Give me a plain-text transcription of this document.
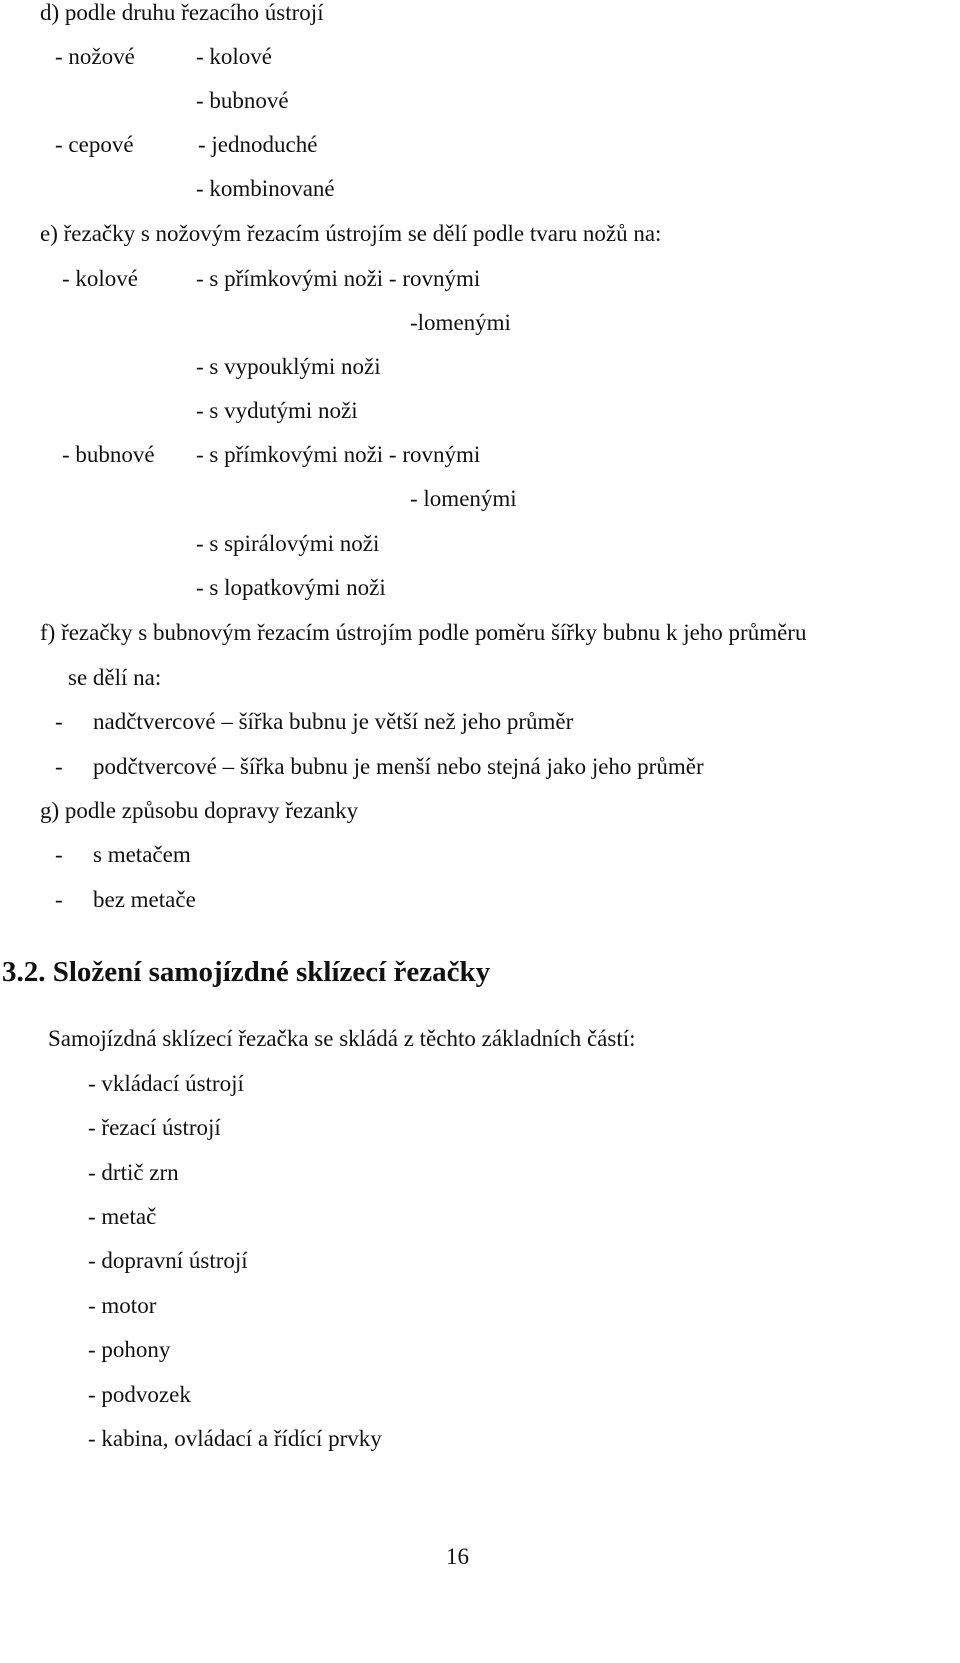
d) podle druhu řezacího ústrojí
- nožové	- kolové
- bubnové
- cepové	- jednoduché
- kombinované
e) řezačky s nožovým řezacím ústrojím se dělí podle tvaru nožů na:
- kolové	- s přímkovými noži - rovnými
-lomenými
- s vypouklými noži
- s vydutými noži
- bubnové - s přímkovými noži - rovnými
- lomenými
- s spirálovými noži
- s lopatkovými noži
f) řezačky s bubnovým řezacím ústrojím podle poměru šířky bubnu k jeho průměru
se dělí na:
- nadčtvercové – šířka bubnu je větší než jeho průměr
- podčtvercové – šířka bubnu je menší nebo stejná jako jeho průměr
g) podle způsobu dopravy řezanky
- s metačem
- bez metače
3.2. Složení samojízdné sklízecí řezačky
Samojízdná sklízecí řezačka se skládá z těchto základních částí:
- vkládací ústrojí
- řezací ústrojí
- drtič zrn
- metač
- dopravní ústrojí
- motor
- pohony
- podvozek
- kabina, ovládací a řídící prvky
16
